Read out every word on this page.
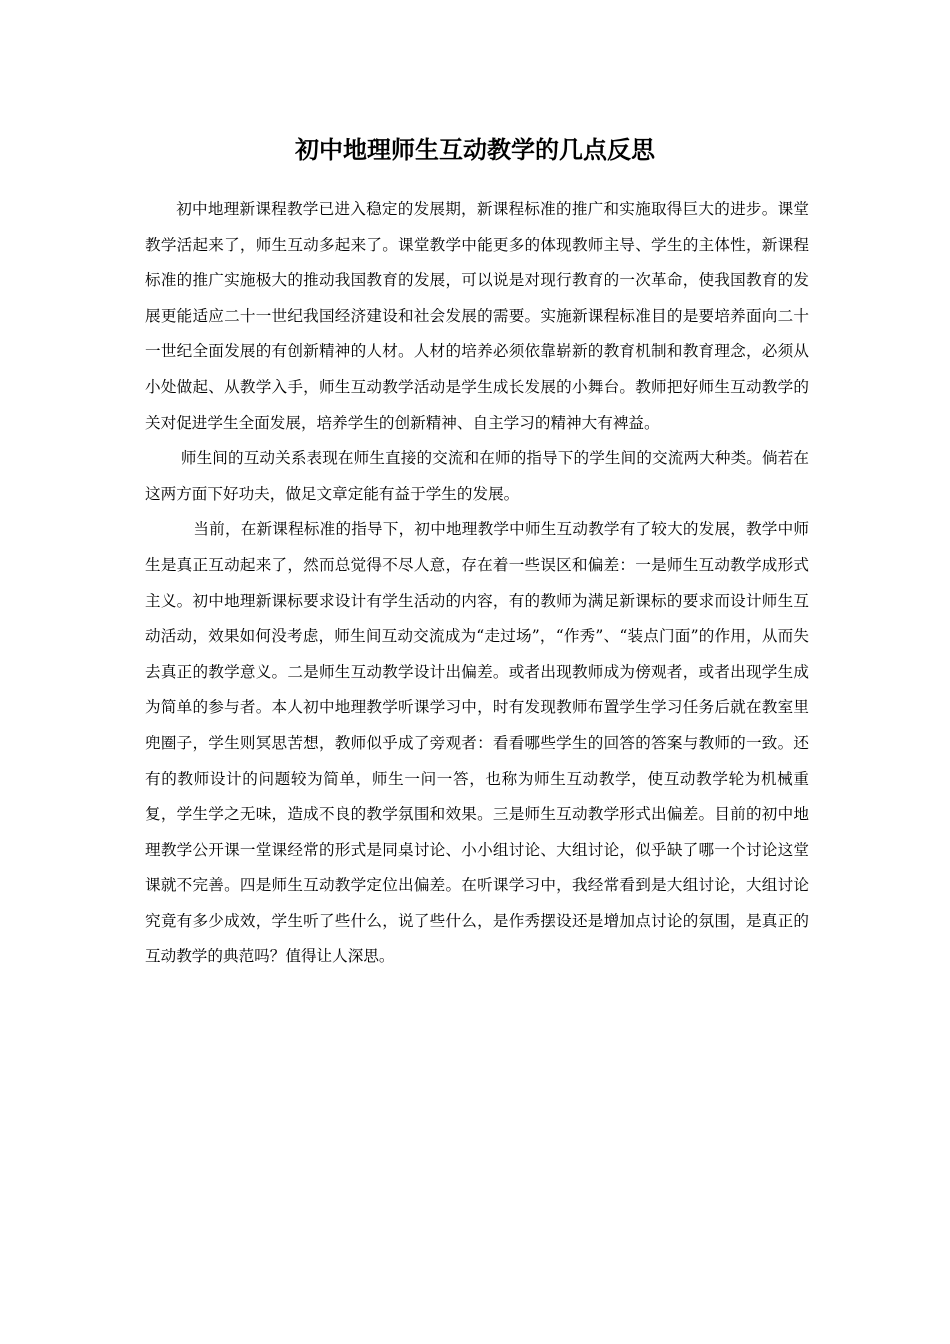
初中地理师生互动教学的几点反思

初中地理新课程教学已进入稳定的发展期，新课程标准的推广和实施取得巨大的进步。课堂教学活起来了，师生互动多起来了。课堂教学中能更多的体现教师主导、学生的主体性，新课程标准的推广实施极大的推动我国教育的发展，可以说是对现行教育的一次革命，使我国教育的发展更能适应二十一世纪我国经济建设和社会发展的需要。实施新课程标准目的是要培养面向二十一世纪全面发展的有创新精神的人材。人材的培养必须依靠崭新的教育机制和教育理念，必须从小处做起、从教学入手，师生互动教学活动是学生成长发展的小舞台。教师把好师生互动教学的关对促进学生全面发展，培养学生的创新精神、自主学习的精神大有裨益。

师生间的互动关系表现在师生直接的交流和在师的指导下的学生间的交流两大种类。倘若在这两方面下好功夫，做足文章定能有益于学生的发展。

当前，在新课程标准的指导下，初中地理教学中师生互动教学有了较大的发展，教学中师生是真正互动起来了，然而总觉得不尽人意，存在着一些误区和偏差：一是师生互动教学成形式主义。初中地理新课标要求设计有学生活动的内容，有的教师为满足新课标的要求而设计师生互动活动，效果如何没考虑，师生间互动交流成为“走过场”，“作秀”、“装点门面”的作用，从而失去真正的教学意义。二是师生互动教学设计出偏差。或者出现教师成为傍观者，或者出现学生成为简单的参与者。本人初中地理教学听课学习中，时有发现教师布置学生学习任务后就在教室里兜圈子，学生则冥思苦想，教师似乎成了旁观者：看看哪些学生的回答的答案与教师的一致。还有的教师设计的问题较为简单，师生一问一答，也称为师生互动教学，使互动教学轮为机械重复，学生学之无味，造成不良的教学氛围和效果。三是师生互动教学形式出偏差。目前的初中地理教学公开课一堂课经常的形式是同桌讨论、小小组讨论、大组讨论，似乎缺了哪一个讨论这堂课就不完善。四是师生互动教学定位出偏差。在听课学习中，我经常看到是大组讨论，大组讨论究竟有多少成效，学生听了些什么，说了些什么，是作秀摆设还是增加点讨论的氛围，是真正的互动教学的典范吗？值得让人深思。
